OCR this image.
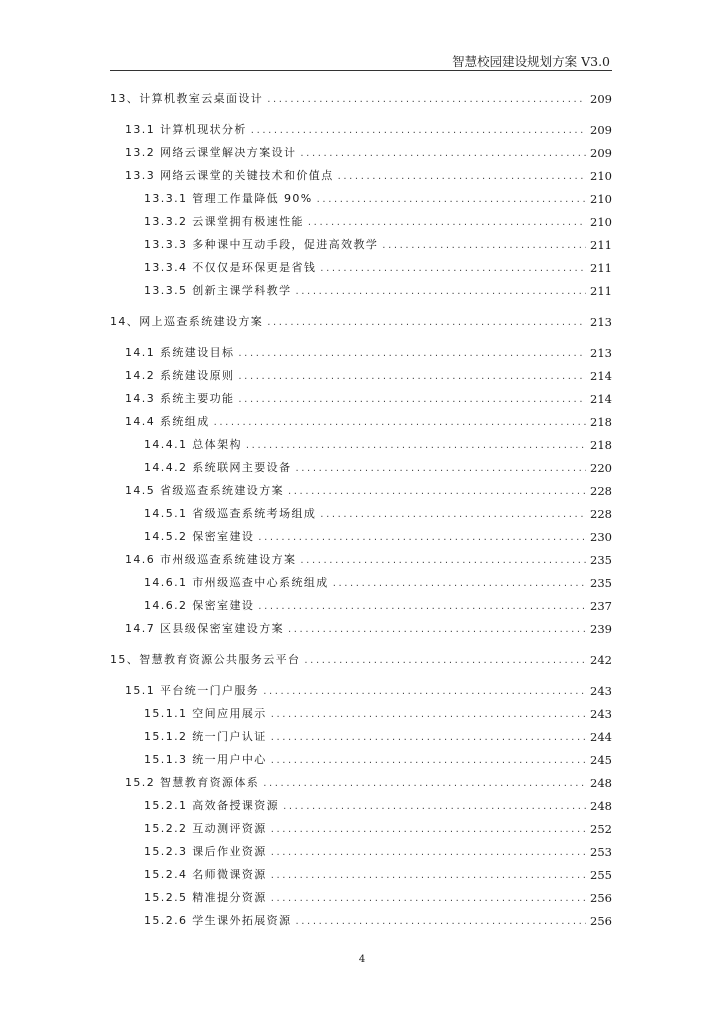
智慧校园建设规划方案 V3.0
13、计算机教室云桌面设计 .....	209
13.1 计算机现状分析 .....	209
13.2 网络云课堂解决方案设计 .....	209
13.3 网络云课堂的关键技术和价值点 .....	210
13.3.1 管理工作量降低 90% .....	210
13.3.2 云课堂拥有极速性能 .....	210
13.3.3 多种课中互动手段，促进高效教学 .....	211
13.3.4 不仅仅是环保更是省钱 .....	211
13.3.5 创新主课学科教学 .....	211
14、网上巡查系统建设方案 .....	213
14.1 系统建设目标 .....	213
14.2 系统建设原则 .....	214
14.3 系统主要功能 .....	214
14.4 系统组成 .....	218
14.4.1 总体架构 .....	218
14.4.2 系统联网主要设备 .....	220
14.5 省级巡查系统建设方案 .....	228
14.5.1 省级巡查系统考场组成 .....	228
14.5.2 保密室建设 .....	230
14.6 市州级巡查系统建设方案 .....	235
14.6.1 市州级巡查中心系统组成 .....	235
14.6.2 保密室建设 .....	237
14.7 区县级保密室建设方案 .....	239
15、智慧教育资源公共服务云平台 .....	242
15.1 平台统一门户服务 .....	243
15.1.1 空间应用展示 .....	243
15.1.2 统一门户认证 .....	244
15.1.3 统一用户中心 .....	245
15.2 智慧教育资源体系 .....	248
15.2.1 高效备授课资源 .....	248
15.2.2 互动测评资源 .....	252
15.2.3 课后作业资源 .....	253
15.2.4 名师微课资源 .....	255
15.2.5 精准提分资源 .....	256
15.2.6 学生课外拓展资源 .....	256
4
